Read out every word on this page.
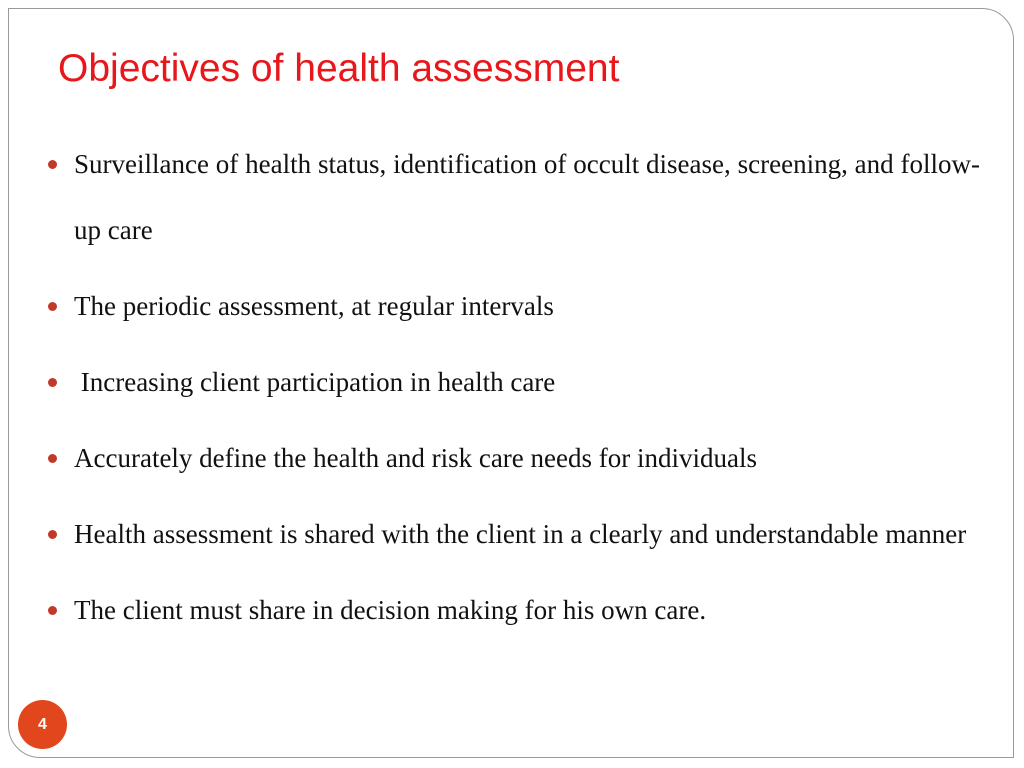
Objectives of health assessment
Surveillance of health status, identification of occult disease, screening, and follow-up care
The periodic assessment, at regular intervals
Increasing client participation in health care
Accurately define the health and risk care needs for individuals
Health assessment is shared with the client in a clearly and understandable manner
The client must share in decision making for his own care.
4
